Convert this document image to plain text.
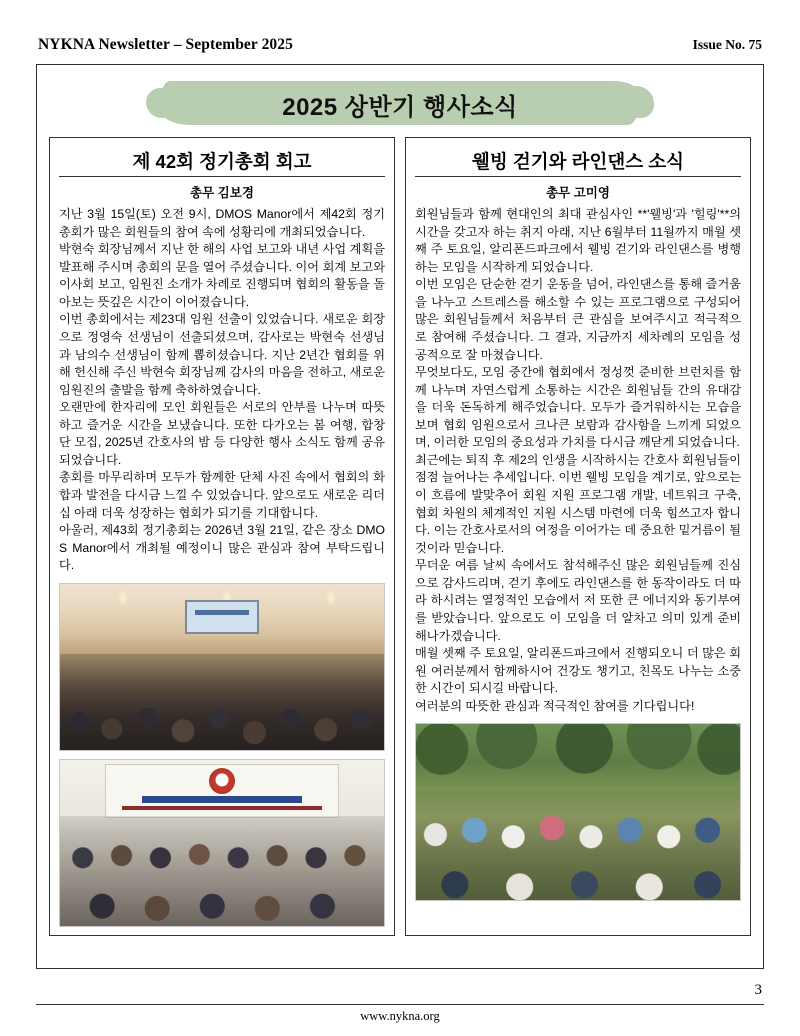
NYKNA Newsletter – September 2025	Issue No. 75
2025 상반기 행사소식
제 42회 정기총회 회고
총무 김보경

지난 3월 15일(토) 오전 9시, DMOS Manor에서 제42회 정기총회가 많은 회원들의 참여 속에 성황리에 개최되었습니다.

박현숙 회장님께서 지난 한 해의 사업 보고와 내년 사업 계획을 발표해 주시며 총회의 문을 열어 주셨습니다. 이어 회계 보고와 이사회 보고, 임원진 소개가 차례로 진행되며 협회의 활동을 돌아보는 뜻깊은 시간이 이어졌습니다.

이번 총회에서는 제23대 임원 선출이 있었습니다. 새로운 회장으로 정영숙 선생님이 선출되셨으며, 감사로는 박현숙 선생님과 남의수 선생님이 함께 뽑히셨습니다. 지난 2년간 협회를 위해 헌신해 주신 박현숙 회장님께 감사의 마음을 전하고, 새로운 임원진의 출발을 함께 축하하였습니다.

오랜만에 한자리에 모인 회원들은 서로의 안부를 나누며 따뜻하고 즐거운 시간을 보냈습니다. 또한 다가오는 봄 여행, 합창단 모집, 2025년 간호사의 밤 등 다양한 행사 소식도 함께 공유되었습니다.

총회를 마무리하며 모두가 함께한 단체 사진 속에서 협회의 화합과 발전을 다시금 느낄 수 있었습니다. 앞으로도 새로운 리더십 아래 더욱 성장하는 협회가 되기를 기대합니다.

아울러, 제43회 정기총회는 2026년 3월 21일, 같은 장소 DMOS Manor에서 개최될 예정이니 많은 관심과 참여 부탁드립니다.

웰빙 걷기와 라인댄스 소식
총무 고미영

회원님들과 함께 현대인의 최대 관심사인 **'웰빙'과 '힐링'**의 시간을 갖고자 하는 취지 아래, 지난 6월부터 11월까지 매월 셋째 주 토요일, 알리폰드파크에서 웰빙 걷기와 라인댄스를 병행하는 모임을 시작하게 되었습니다.

이번 모임은 단순한 걷기 운동을 넘어, 라인댄스를 통해 즐거움을 나누고 스트레스를 해소할 수 있는 프로그램으로 구성되어 많은 회원님들께서 처음부터 큰 관심을 보여주시고 적극적으로 참여해 주셨습니다. 그 결과, 지금까지 세차례의 모임을 성공적으로 잘 마쳤습니다.

무엇보다도, 모임 중간에 협회에서 정성껏 준비한 브런치를 함께 나누며 자연스럽게 소통하는 시간은 회원님들 간의 유대감을 더욱 돈독하게 해주었습니다. 모두가 즐거워하시는 모습을 보며 협회 임원으로서 크나큰 보람과 감사함을 느끼게 되었으며, 이러한 모임의 중요성과 가치를 다시금 깨닫게 되었습니다.

최근에는 퇴직 후 제2의 인생을 시작하시는 간호사 회원님들이 점점 늘어나는 추세입니다. 이번 웰빙 모임을 계기로, 앞으로는 이 흐름에 발맞추어 회원 지원 프로그램 개발, 네트워크 구축, 협회 차원의 체계적인 지원 시스템 마련에 더욱 힘쓰고자 합니다. 이는 간호사로서의 여정을 이어가는 데 중요한 밑거름이 될 것이라 믿습니다.

무더운 여름 날씨 속에서도 참석해주신 많은 회원님들께 진심으로 감사드리며, 걷기 후에도 라인댄스를 한 동작이라도 더 따라 하시려는 열정적인 모습에서 저 또한 큰 에너지와 동기부여를 받았습니다. 앞으로도 이 모임을 더 알차고 의미 있게 준비해나가겠습니다.

매월 셋째 주 토요일, 알리폰드파크에서 진행되오니 더 많은 회원 여러분께서 함께하시어 건강도 챙기고, 친목도 나누는 소중한 시간이 되시길 바랍니다.

여러분의 따뜻한 관심과 적극적인 참여를 기다립니다!

3
www.nykna.org
